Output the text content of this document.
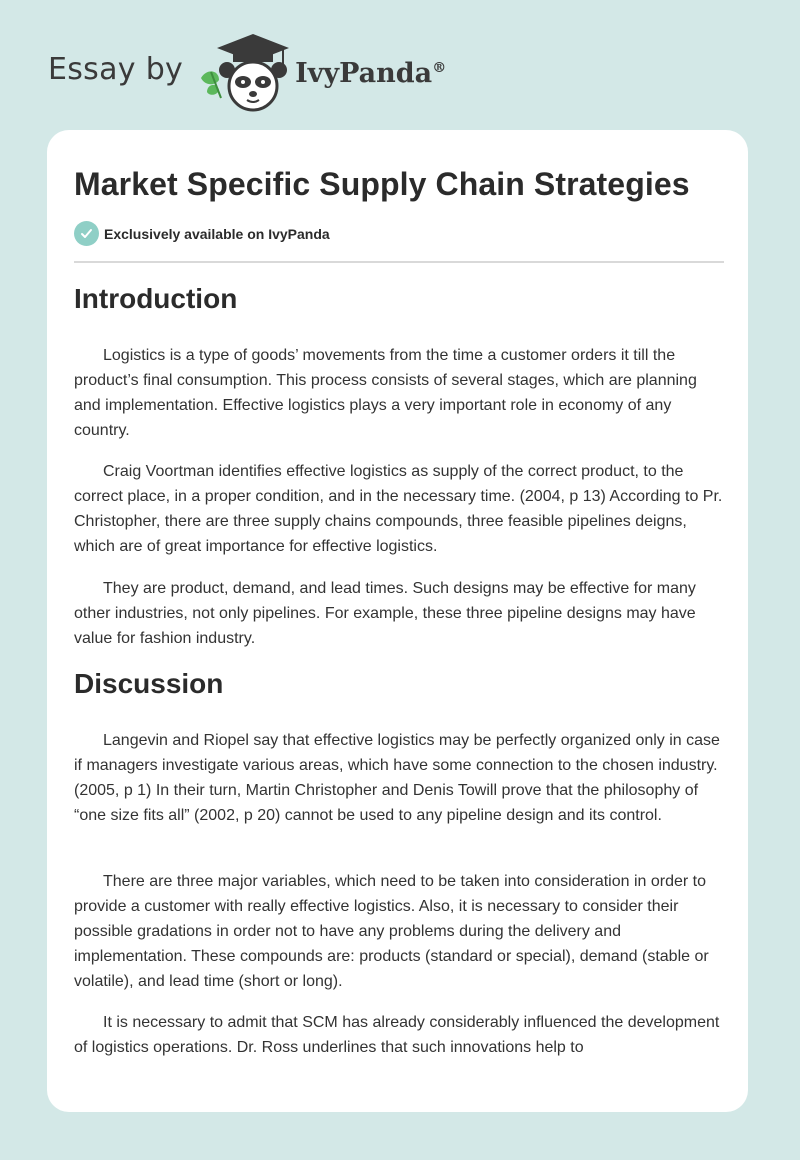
Essay by	IvyPanda®
Market Specific Supply Chain Strategies
Exclusively available on IvyPanda
Introduction

Logistics is a type of goods’ movements from the time a customer orders it till the product’s final consumption. This process consists of several stages, which are planning and implementation. Effective logistics plays a very important role in economy of any country.

Craig Voortman identifies effective logistics as supply of the correct product, to the correct place, in a proper condition, and in the necessary time. (2004, p 13) According to Pr. Christopher, there are three supply chains compounds, three feasible pipelines deigns, which are of great importance for effective logistics.

They are product, demand, and lead times. Such designs may be effective for many other industries, not only pipelines. For example, these three pipeline designs may have value for fashion industry.

Discussion

Langevin and Riopel say that effective logistics may be perfectly organized only in case if managers investigate various areas, which have some connection to the chosen industry. (2005, p 1) In their turn, Martin Christopher and Denis Towill prove that the philosophy of “one size fits all” (2002, p 20) cannot be used to any pipeline design and its control.

There are three major variables, which need to be taken into consideration in order to provide a customer with really effective logistics. Also, it is necessary to consider their possible gradations in order not to have any problems during the delivery and implementation. These compounds are: products (standard or special), demand (stable or volatile), and lead time (short or long).

It is necessary to admit that SCM has already considerably influenced the development of logistics operations. Dr. Ross underlines that such innovations help to
